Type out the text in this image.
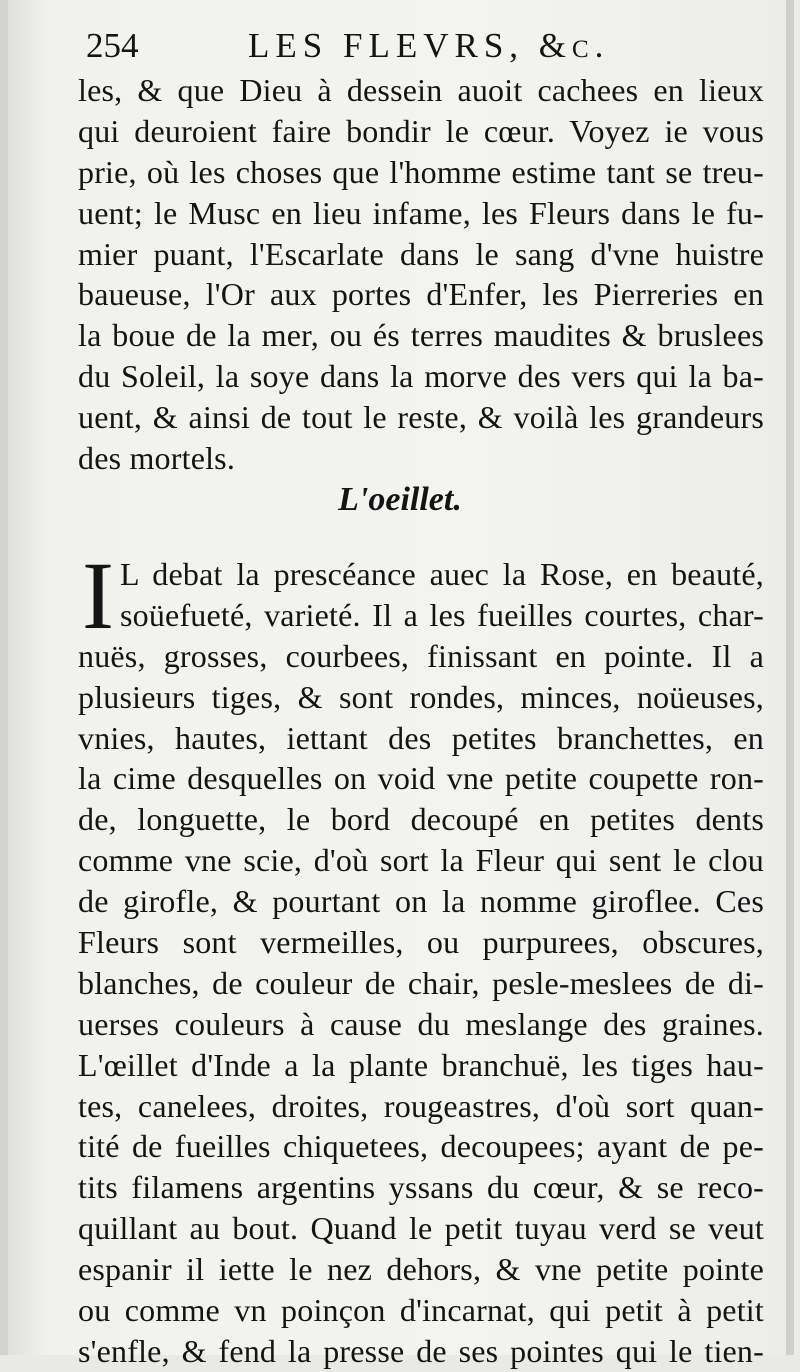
254	LES FLEVRS, &c.
les, & que Dieu à dessein auoit cachees en lieux
qui deuroient faire bondir le cœur. Voyez ie vous
prie, où les choses que l'homme estime tant se treu-
uent; le Musc en lieu infame, les Fleurs dans le fu-
mier puant, l'Escarlate dans le sang d'vne huistre
baueuse, l'Or aux portes d'Enfer, les Pierreries en
la boue de la mer, ou és terres maudites & bruslees
du Soleil, la soye dans la morve des vers qui la ba-
uent, & ainsi de tout le reste, & voilà les grandeurs
des mortels.
L'oeillet.
I L debat la prescéance auec la Rose, en beauté,
soüefueté, varieté. Il a les fueilles courtes, char-
nuës, grosses, courbees, finissant en pointe. Il a
plusieurs tiges, & sont rondes, minces, noüeuses,
vnies, hautes, iettant des petites branchettes, en
la cime desquelles on void vne petite coupette ron-
de, longuette, le bord decoupé en petites dents
comme vne scie, d'où sort la Fleur qui sent le clou
de girofle, & pourtant on la nomme giroflee. Ces
Fleurs sont vermeilles, ou purpurees, obscures,
blanches, de couleur de chair, pesle-meslees de di-
uerses couleurs à cause du meslange des graines.
L'œillet d'Inde a la plante branchuë, les tiges hau-
tes, canelees, droites, rougeastres, d'où sort quan-
tité de fueilles chiquetees, decoupees; ayant de pe-
tits filamens argentins yssans du cœur, & se reco-
quillant au bout. Quand le petit tuyau verd se veut
espanir il iette le nez dehors, & vne petite pointe
ou comme vn poinçon d'incarnat, qui petit à petit
s'enfle, & fend la presse de ses pointes qui le tien-
